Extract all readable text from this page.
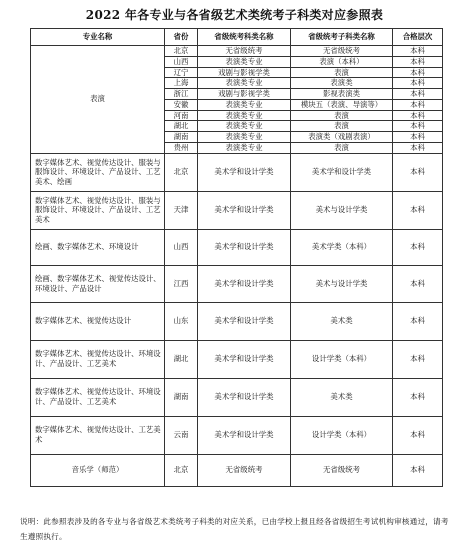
2022 年各专业与各省级艺术类统考子科类对应参照表
专业名称	省份	省级统考科类名称	省级统考子科类名称	合格层次
表演	北京	无省级统考	无省级统考	本科
	山西	表演类专业	表演（本科）	本科
	辽宁	戏剧与影视学类	表演	本科
	上海	表演类专业	表演类	本科
	浙江	戏剧与影视学类	影视表演类	本科
	安徽	表演类专业	模块五（表演、导演等）	本科
	河南	表演类专业	表演	本科
	湖北	表演类专业	表演	本科
	湖南	表演类专业	表演类（戏剧表演）	本科
	贵州	表演类专业	表演	本科
数字媒体艺术、视觉传达设计、服装与服饰设计、环境设计、产品设计、工艺美术、绘画	北京	美术学和设计学类	美术学和设计学类	本科
数字媒体艺术、视觉传达设计、服装与服饰设计、环境设计、产品设计、工艺美术	天津	美术学和设计学类	美术与设计学类	本科
绘画、数字媒体艺术、环境设计	山西	美术学和设计学类	美术学类（本科）	本科
绘画、数字媒体艺术、视觉传达设计、环境设计、产品设计	江西	美术学和设计学类	美术与设计学类	本科
数字媒体艺术、视觉传达设计	山东	美术学和设计学类	美术类	本科
数字媒体艺术、视觉传达设计、环境设计、产品设计、工艺美术	湖北	美术学和设计学类	设计学类（本科）	本科
数字媒体艺术、视觉传达设计、环境设计、产品设计、工艺美术	湖南	美术学和设计学类	美术类	本科
数字媒体艺术、视觉传达设计、工艺美术	云南	美术学和设计学类	设计学类（本科）	本科
音乐学（师范）	北京	无省级统考	无省级统考	本科
说明：此参照表涉及的各专业与各省级艺术类统考子科类的对应关系，已由学校上报且经各省级招生考试机构审核通过，请考生遵照执行。
